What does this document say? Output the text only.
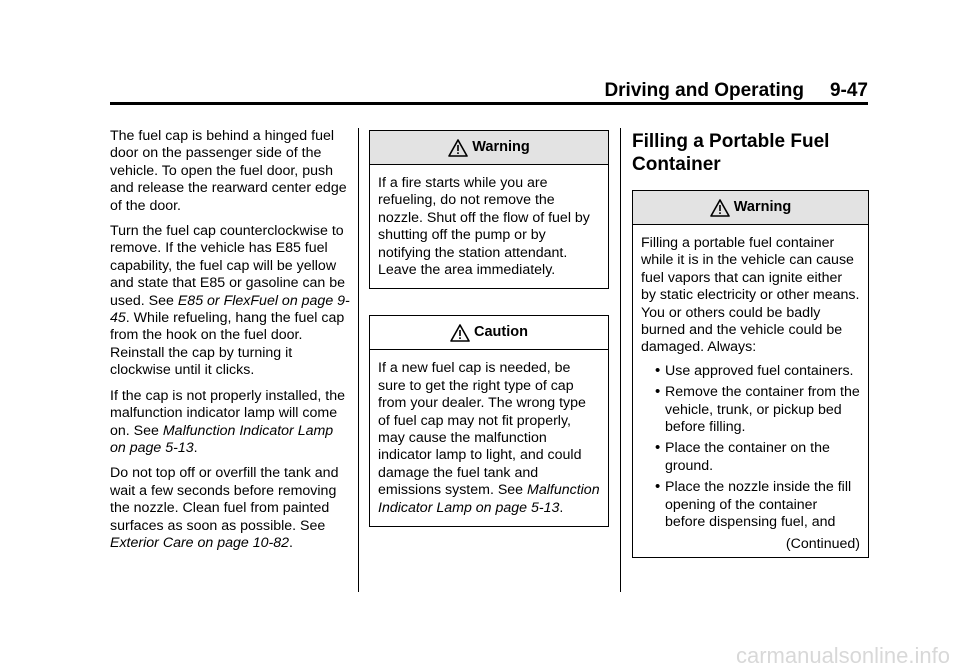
Driving and Operating 9-47

The fuel cap is behind a hinged fuel door on the passenger side of the vehicle. To open the fuel door, push and release the rearward center edge of the door.

Turn the fuel cap counterclockwise to remove. If the vehicle has E85 fuel capability, the fuel cap will be yellow and state that E85 or gasoline can be used. See E85 or FlexFuel on page 9-45. While refueling, hang the fuel cap from the hook on the fuel door. Reinstall the cap by turning it clockwise until it clicks.

If the cap is not properly installed, the malfunction indicator lamp will come on. See Malfunction Indicator Lamp on page 5-13.

Do not top off or overfill the tank and wait a few seconds before removing the nozzle. Clean fuel from painted surfaces as soon as possible. See Exterior Care on page 10-82.

Warning
If a fire starts while you are refueling, do not remove the nozzle. Shut off the flow of fuel by shutting off the pump or by notifying the station attendant. Leave the area immediately.
Caution
If a new fuel cap is needed, be sure to get the right type of cap from your dealer. The wrong type of fuel cap may not fit properly, may cause the malfunction indicator lamp to light, and could damage the fuel tank and emissions system. See Malfunction Indicator Lamp on page 5-13.
Filling a Portable Fuel Container
Warning
Filling a portable fuel container while it is in the vehicle can cause fuel vapors that can ignite either by static electricity or other means. You or others could be badly burned and the vehicle could be damaged. Always:
• Use approved fuel containers.
• Remove the container from the vehicle, trunk, or pickup bed before filling.
• Place the container on the ground.
• Place the nozzle inside the fill opening of the container before dispensing fuel, and
(Continued)
carmanualsonline.info
